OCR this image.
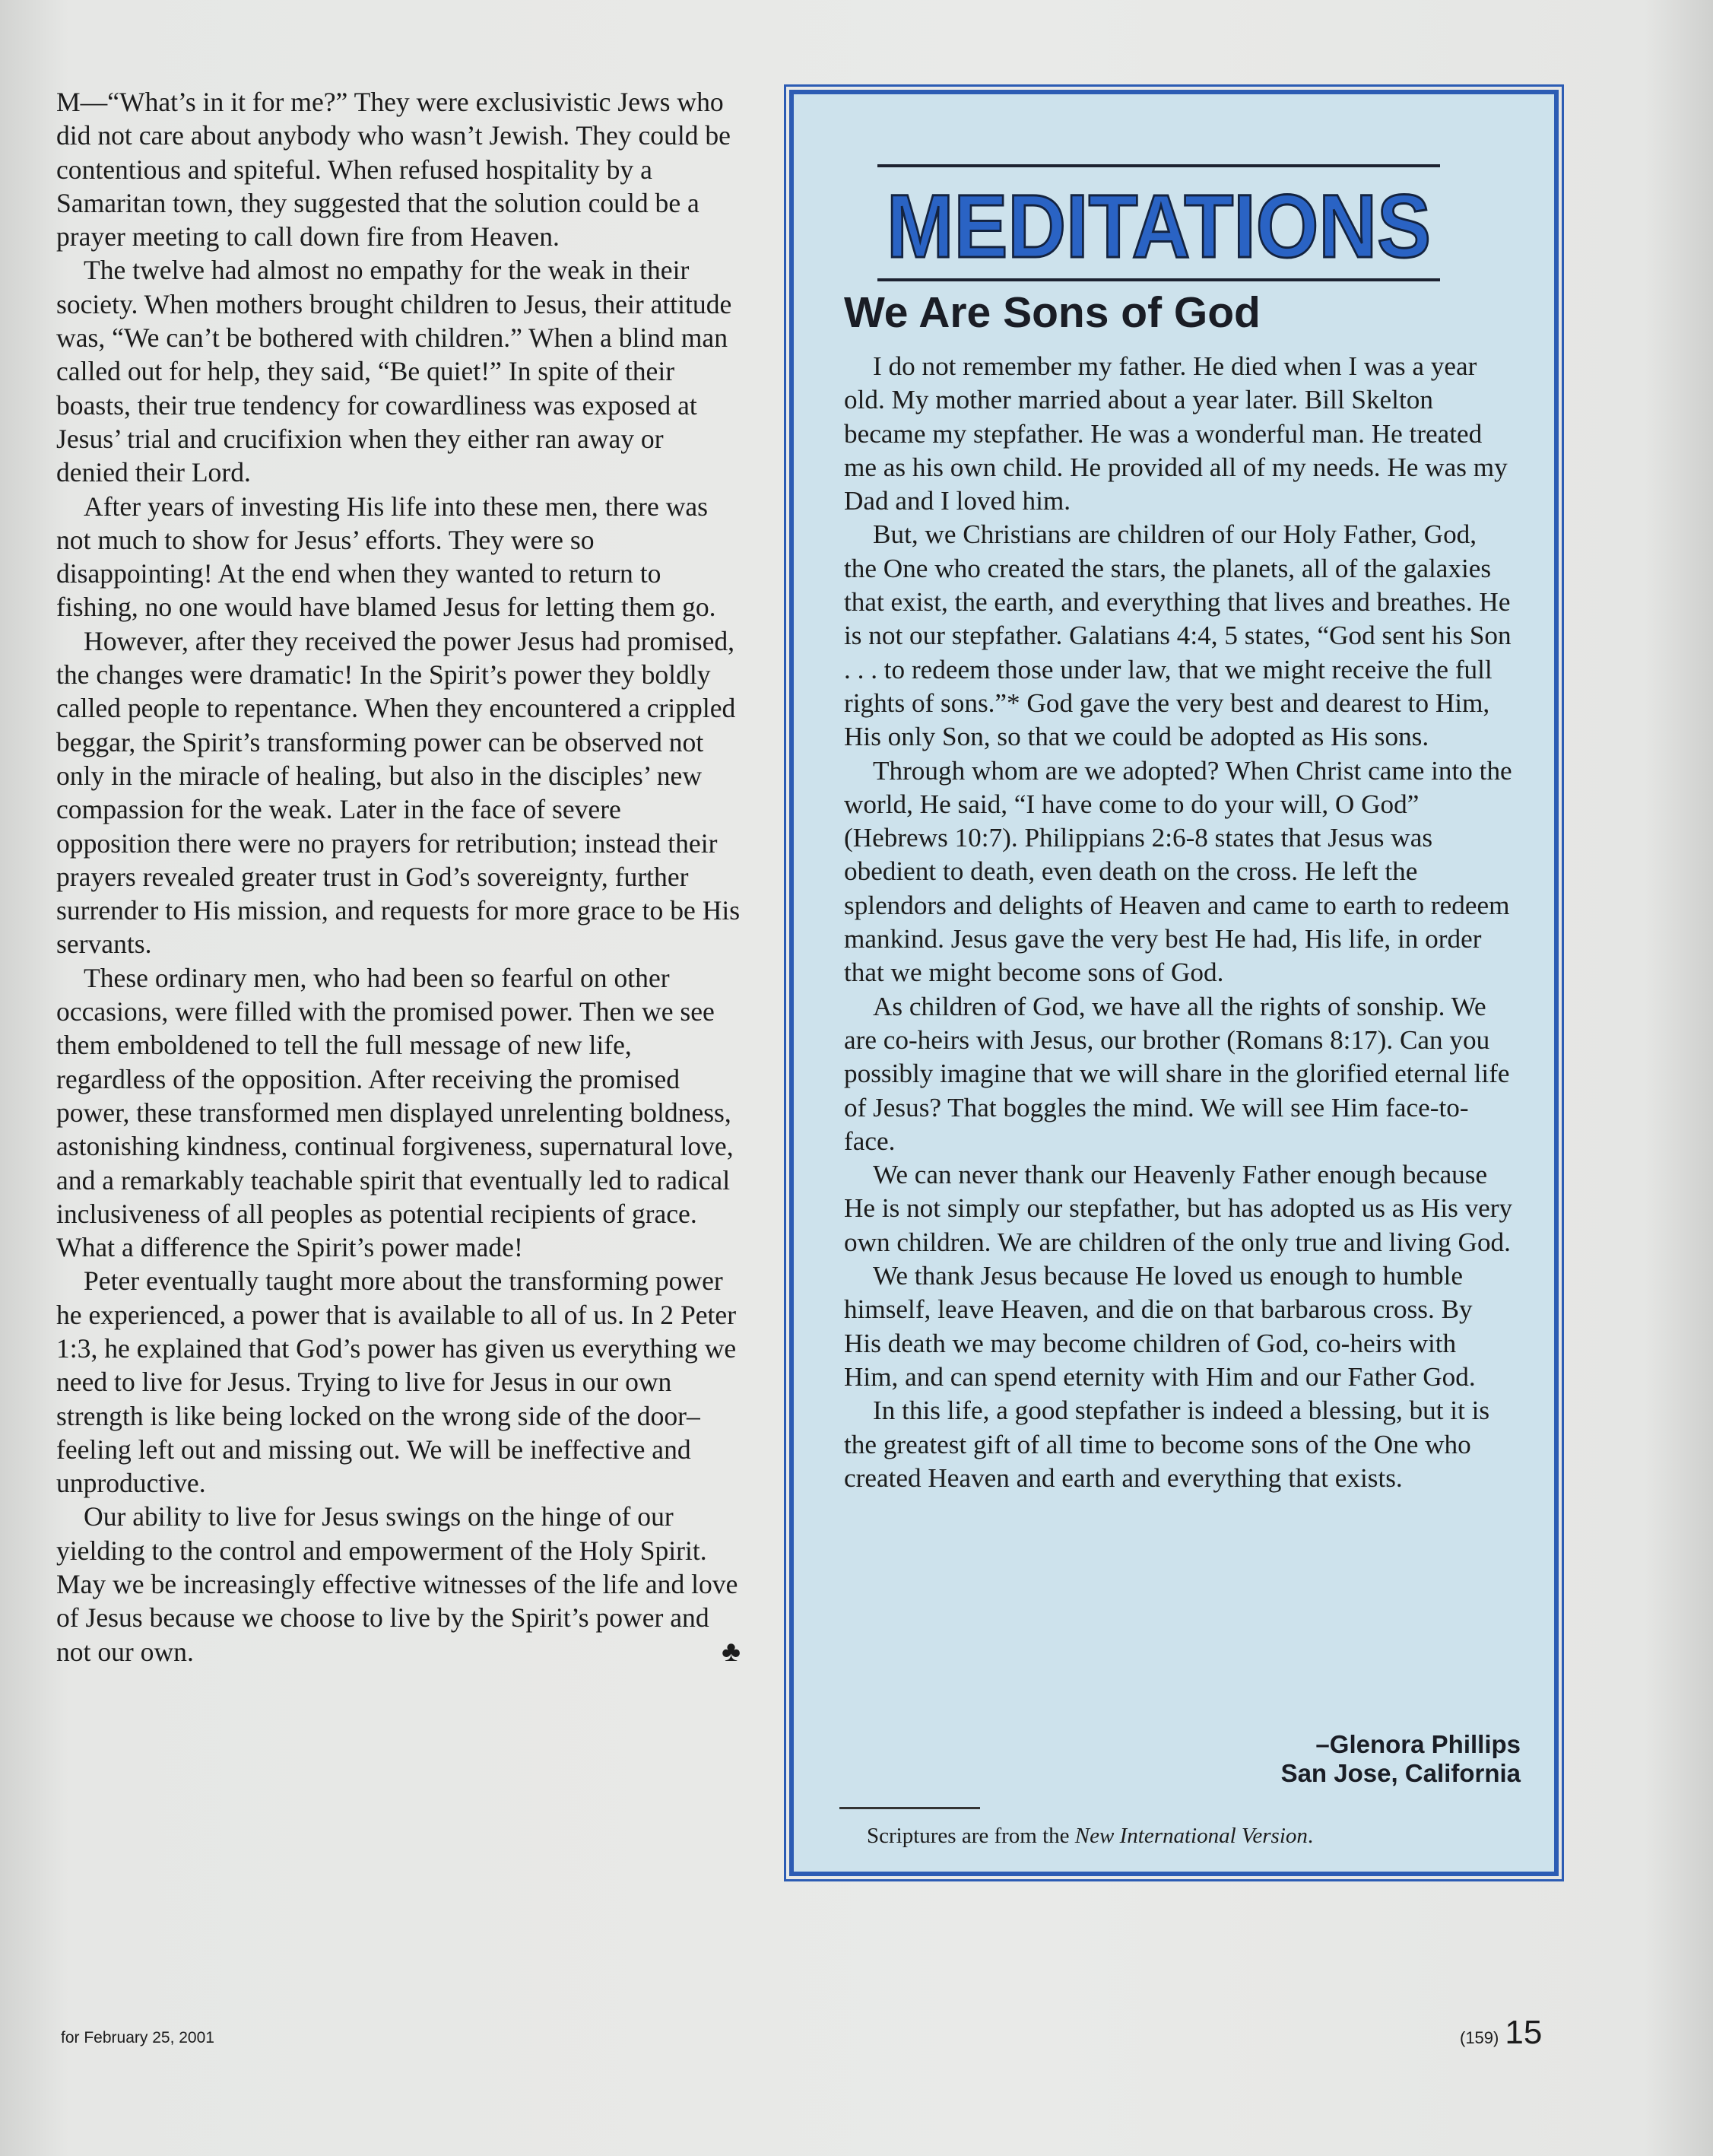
M—“What’s in it for me?” They were exclusivistic Jews who did not care about anybody who wasn’t Jewish. They could be contentious and spiteful. When refused hospitality by a Samaritan town, they suggested that the solution could be a prayer meeting to call down fire from Heaven.

The twelve had almost no empathy for the weak in their society. When mothers brought children to Jesus, their attitude was, “We can’t be bothered with children.” When a blind man called out for help, they said, “Be quiet!” In spite of their boasts, their true tendency for cowardliness was exposed at Jesus’ trial and crucifixion when they either ran away or denied their Lord.

After years of investing His life into these men, there was not much to show for Jesus’ efforts. They were so disappointing! At the end when they wanted to return to fishing, no one would have blamed Jesus for letting them go.

However, after they received the power Jesus had promised, the changes were dramatic! In the Spirit’s power they boldly called people to repentance. When they encountered a crippled beggar, the Spirit’s transforming power can be observed not only in the miracle of healing, but also in the disciples’ new compassion for the weak. Later in the face of severe opposition there were no prayers for retribution; instead their prayers revealed greater trust in God’s sovereignty, further surrender to His mission, and requests for more grace to be His servants.

These ordinary men, who had been so fearful on other occasions, were filled with the promised power. Then we see them emboldened to tell the full message of new life, regardless of the opposition. After receiving the promised power, these transformed men displayed unrelenting boldness, astonishing kindness, continual forgiveness, supernatural love, and a remarkably teachable spirit that eventually led to radical inclusiveness of all peoples as potential recipients of grace. What a difference the Spirit’s power made!

Peter eventually taught more about the transforming power he experienced, a power that is available to all of us. In 2 Peter 1:3, he explained that God’s power has given us everything we need to live for Jesus. Trying to live for Jesus in our own strength is like being locked on the wrong side of the door–feeling left out and missing out. We will be ineffective and unproductive.

Our ability to live for Jesus swings on the hinge of our yielding to the control and empowerment of the Holy Spirit. May we be increasingly effective witnesses of the life and love of Jesus because we choose to live by the Spirit’s power and not our own.	♣

MEDITATIONS
We Are Sons of God

I do not remember my father. He died when I was a year old. My mother married about a year later. Bill Skelton became my stepfather. He was a wonderful man. He treated me as his own child. He provided all of my needs. He was my Dad and I loved him.

But, we Christians are children of our Holy Father, God, the One who created the stars, the planets, all of the galaxies that exist, the earth, and everything that lives and breathes. He is not our stepfather. Galatians 4:4, 5 states, “God sent his Son . . . to redeem those under law, that we might receive the full rights of sons.”* God gave the very best and dearest to Him, His only Son, so that we could be adopted as His sons.

Through whom are we adopted? When Christ came into the world, He said, “I have come to do your will, O God” (Hebrews 10:7). Philippians 2:6-8 states that Jesus was obedient to death, even death on the cross. He left the splendors and delights of Heaven and came to earth to redeem mankind. Jesus gave the very best He had, His life, in order that we might become sons of God.

As children of God, we have all the rights of sonship. We are co-heirs with Jesus, our brother (Romans 8:17). Can you possibly imagine that we will share in the glorified eternal life of Jesus? That boggles the mind. We will see Him face-to-face.

We can never thank our Heavenly Father enough because He is not simply our stepfather, but has adopted us as His very own children. We are children of the only true and living God.

We thank Jesus because He loved us enough to humble himself, leave Heaven, and die on that barbarous cross. By His death we may become children of God, co-heirs with Him, and can spend eternity with Him and our Father God.

In this life, a good stepfather is indeed a blessing, but it is the greatest gift of all time to become sons of the One who created Heaven and earth and everything that exists.

–Glenora Phillips
San Jose, California
Scriptures are from the New International Version.
for February 25, 2001	(159) 15
